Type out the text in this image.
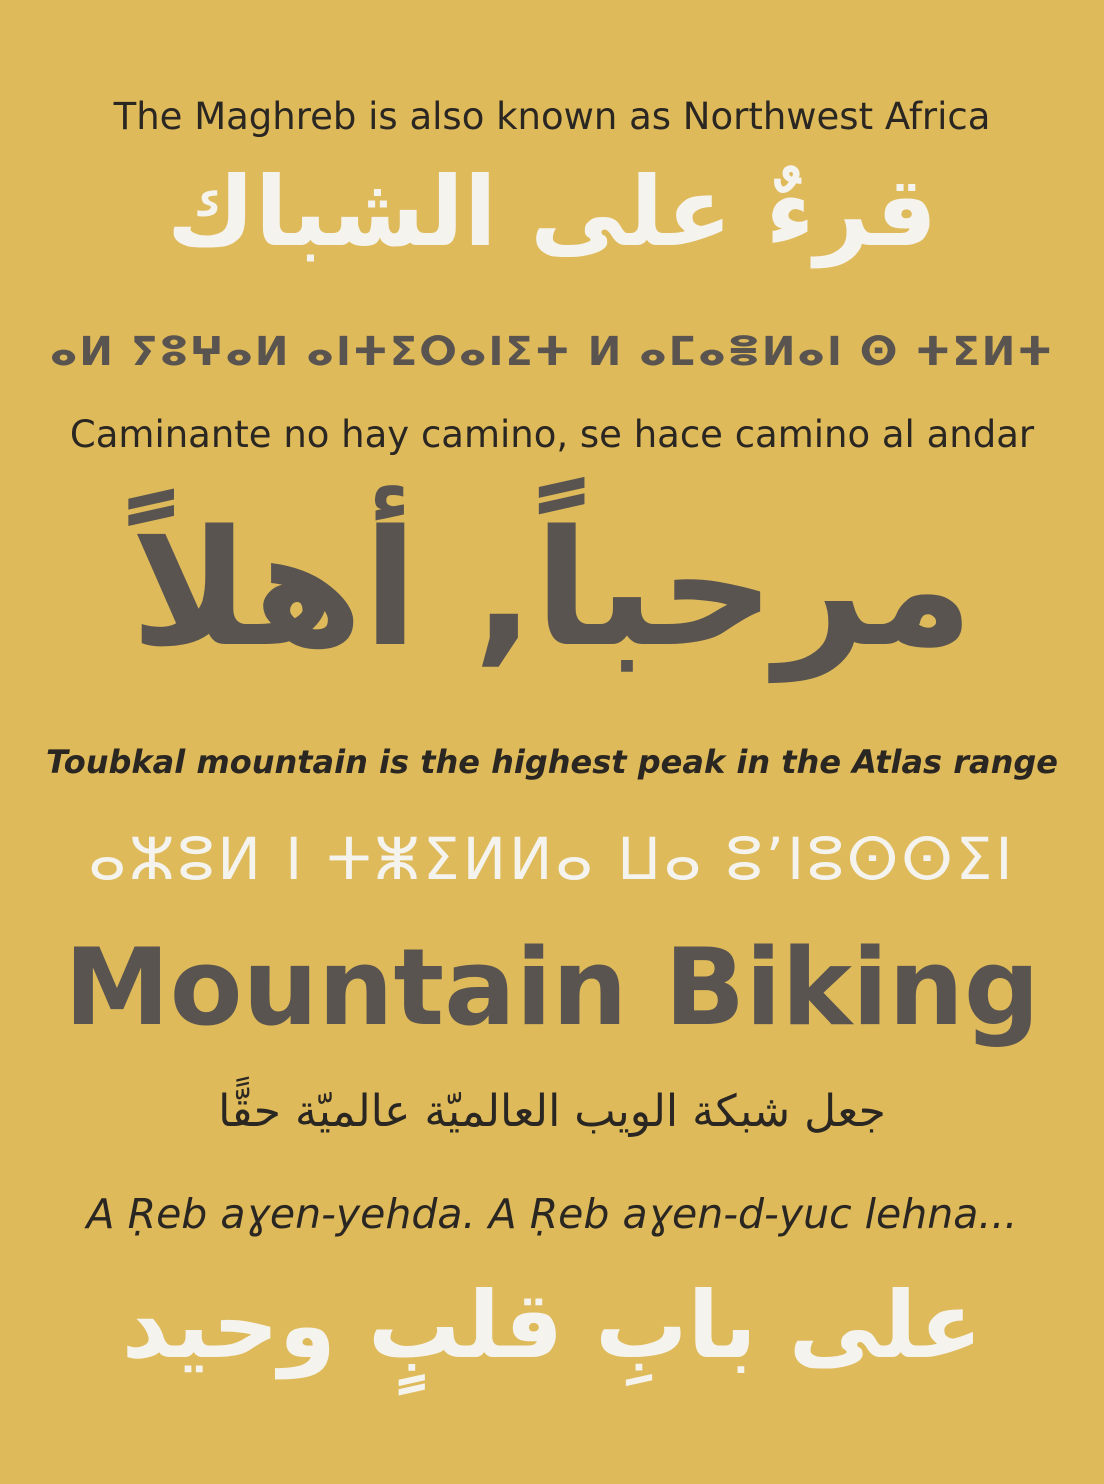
The Maghreb is also known as Northwest Africa

قرءٌ على الشباك

ⴰⵍ ⵢⵓⵖⴰⵍ ⴰⵏⵜⵉⵔⴰⵏⵉⵜ ⵍ ⴰⵎⴰⴻⵍⴰⵏ ⵙ ⵜⵉⵍⵜ

Caminante no hay camino, se hace camino al andar

مرحباً, أهلاً

Toubkal mountain is the highest peak in the Atlas range

ⴰⵣⵓⵍ ⵏ ⵜⵥⵉⵍⵍⴰ ⵡⴰ ⵓ’ⵏⵓⵙⵙⵉⵏ

Mountain Biking

جعل شبكة الويب العالميّة عالميّة حقًّا

A Ṛeb aɣen-yehda. A Ṛeb aɣen-d-yuc lehna...

على بابِ قلبٍ وحيد
